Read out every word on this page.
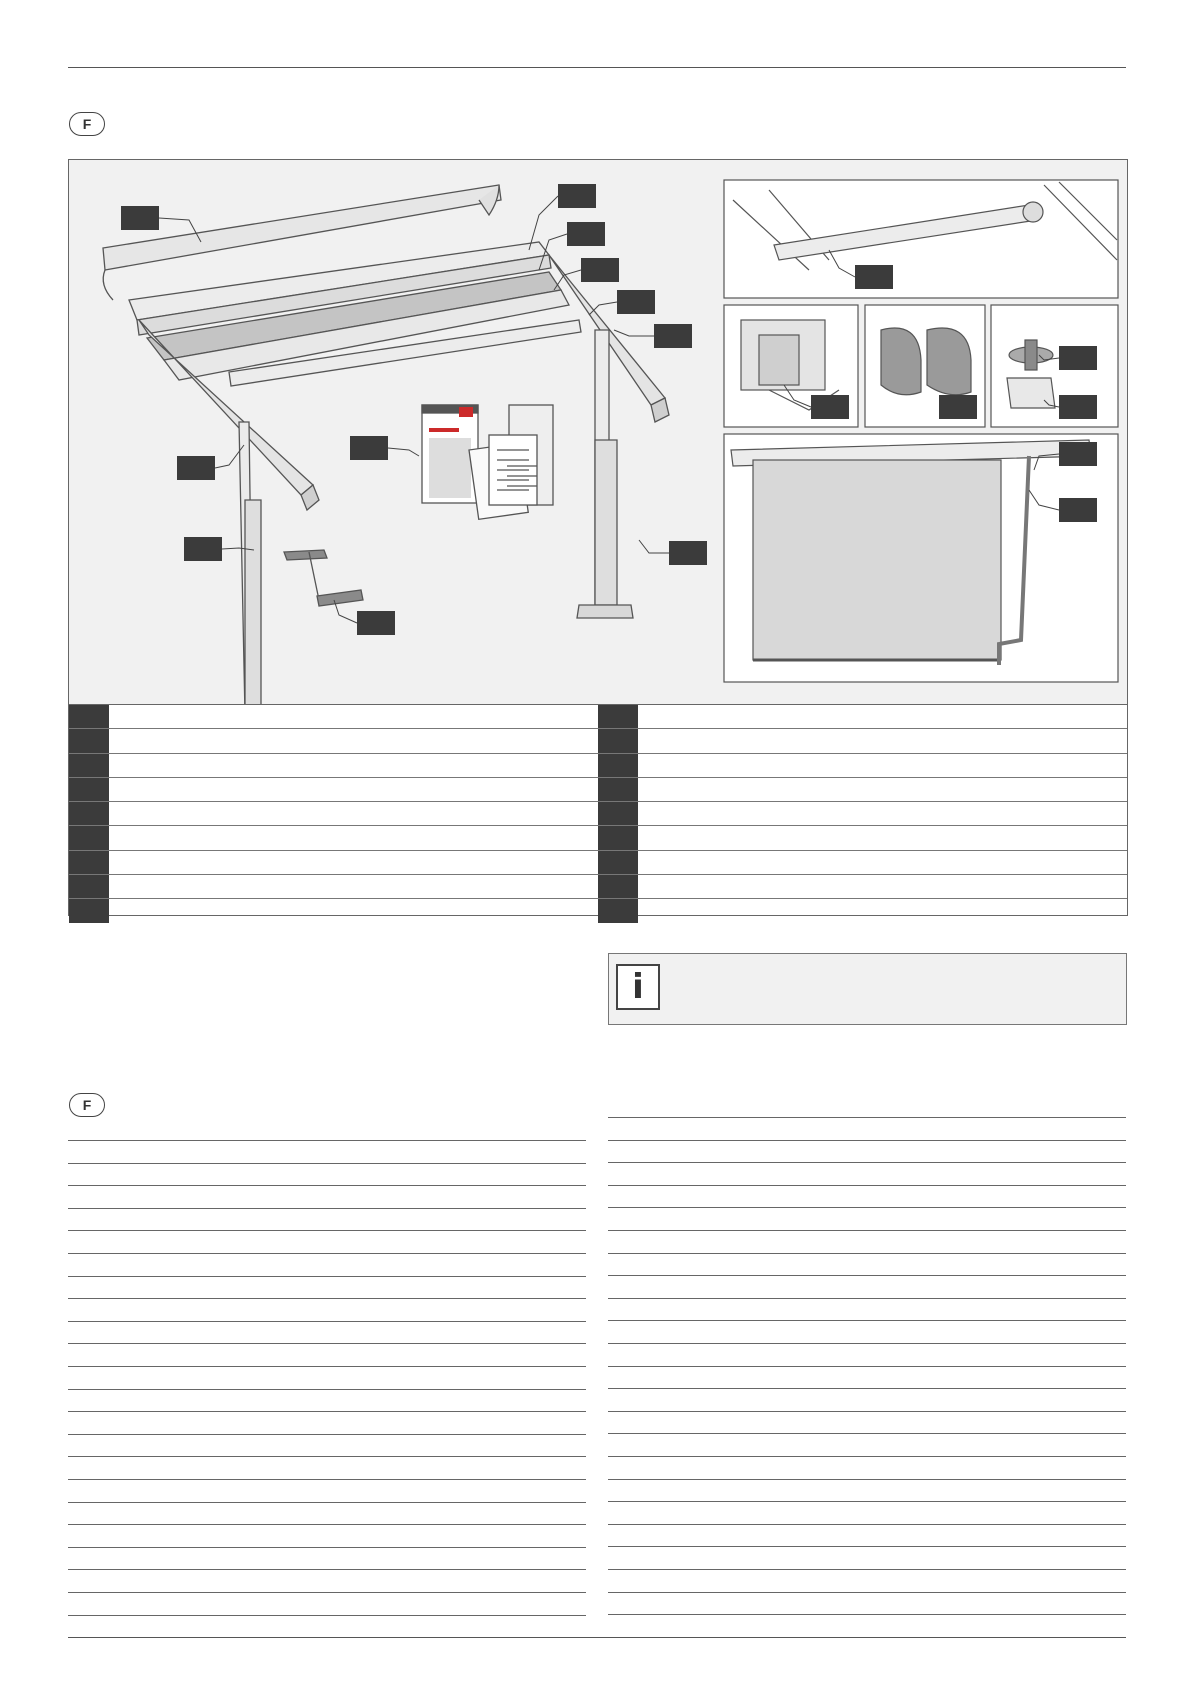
F
i
F
